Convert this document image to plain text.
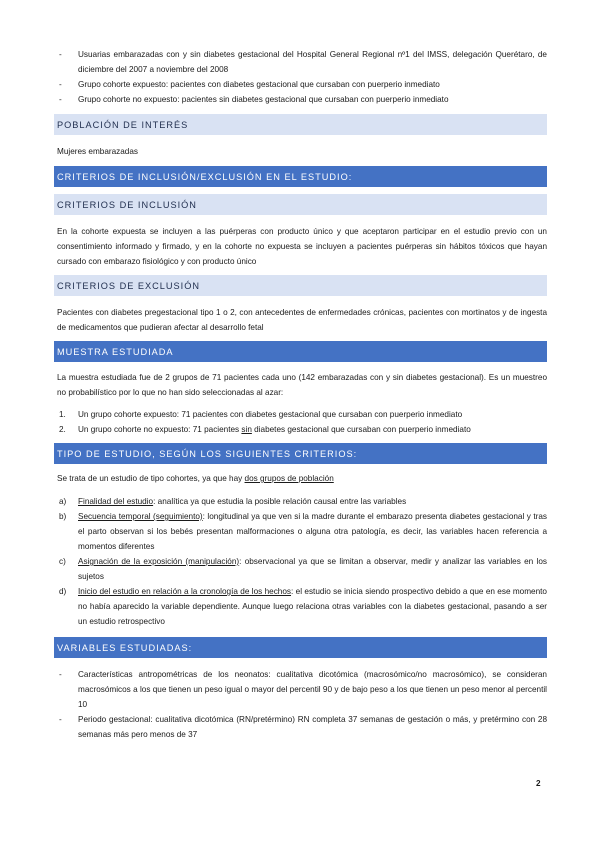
-	Usuarias embarazadas con y sin diabetes gestacional del Hospital General Regional nº1 del IMSS, delegación Querétaro, de diciembre del 2007 a noviembre del 2008
-	Grupo cohorte expuesto: pacientes con diabetes gestacional que cursaban con puerperio inmediato
-	Grupo cohorte no expuesto: pacientes sin diabetes gestacional que cursaban con puerperio inmediato
POBLACIÓN DE INTERÉS
Mujeres embarazadas
CRITERIOS DE INCLUSIÓN/EXCLUSIÓN EN EL ESTUDIO:
CRITERIOS DE INCLUSIÓN
En la cohorte expuesta se incluyen a las puérperas con producto único y que aceptaron participar en el estudio previo con un consentimiento informado y firmado, y en la cohorte no expuesta se incluyen a pacientes puérperas sin hábitos tóxicos que hayan cursado con embarazo fisiológico y con producto único
CRITERIOS DE EXCLUSIÓN
Pacientes con diabetes pregestacional tipo 1 o 2, con antecedentes de enfermedades crónicas, pacientes con mortinatos y de ingesta de medicamentos que pudieran afectar al desarrollo fetal
MUESTRA ESTUDIADA
La muestra estudiada fue de 2 grupos de 71 pacientes cada uno (142 embarazadas con y sin diabetes gestacional). Es un muestreo no probabilístico por lo que no han sido seleccionadas al azar:
1.	Un grupo cohorte expuesto: 71 pacientes con diabetes gestacional que cursaban con puerperio inmediato
2.	Un grupo cohorte no expuesto: 71 pacientes sin diabetes gestacional que cursaban con puerperio inmediato
TIPO DE ESTUDIO, SEGÚN LOS SIGUIENTES CRITERIOS:
Se trata de un estudio de tipo cohortes, ya que hay dos grupos de población
a)	Finalidad del estudio: analítica ya que estudia la posible relación causal entre las variables
b)	Secuencia temporal (seguimiento): longitudinal ya que ven si la madre durante el embarazo presenta diabetes gestacional y tras el parto observan si los bebés presentan malformaciones o alguna otra patología, es decir, las variables hacen referencia a momentos diferentes
c)	Asignación de la exposición (manipulación): observacional ya que se limitan a observar, medir y analizar las variables en los sujetos
d)	Inicio del estudio en relación a la cronología de los hechos: el estudio se inicia siendo prospectivo debido a que en ese momento no había aparecido la variable dependiente. Aunque luego relaciona otras variables con la diabetes gestacional, pasando a ser un estudio retrospectivo
VARIABLES ESTUDIADAS:
-	Características antropométricas de los neonatos: cualitativa dicotómica (macrosómico/no macrosómico), se consideran macrosómicos a los que tienen un peso igual o mayor del percentil 90 y de bajo peso a los que tienen un peso menor al percentil 10
-	Periodo gestacional: cualitativa dicotómica (RN/pretérmino) RN completa 37 semanas de gestación o más, y pretérmino con 28 semanas más pero menos de 37
2
